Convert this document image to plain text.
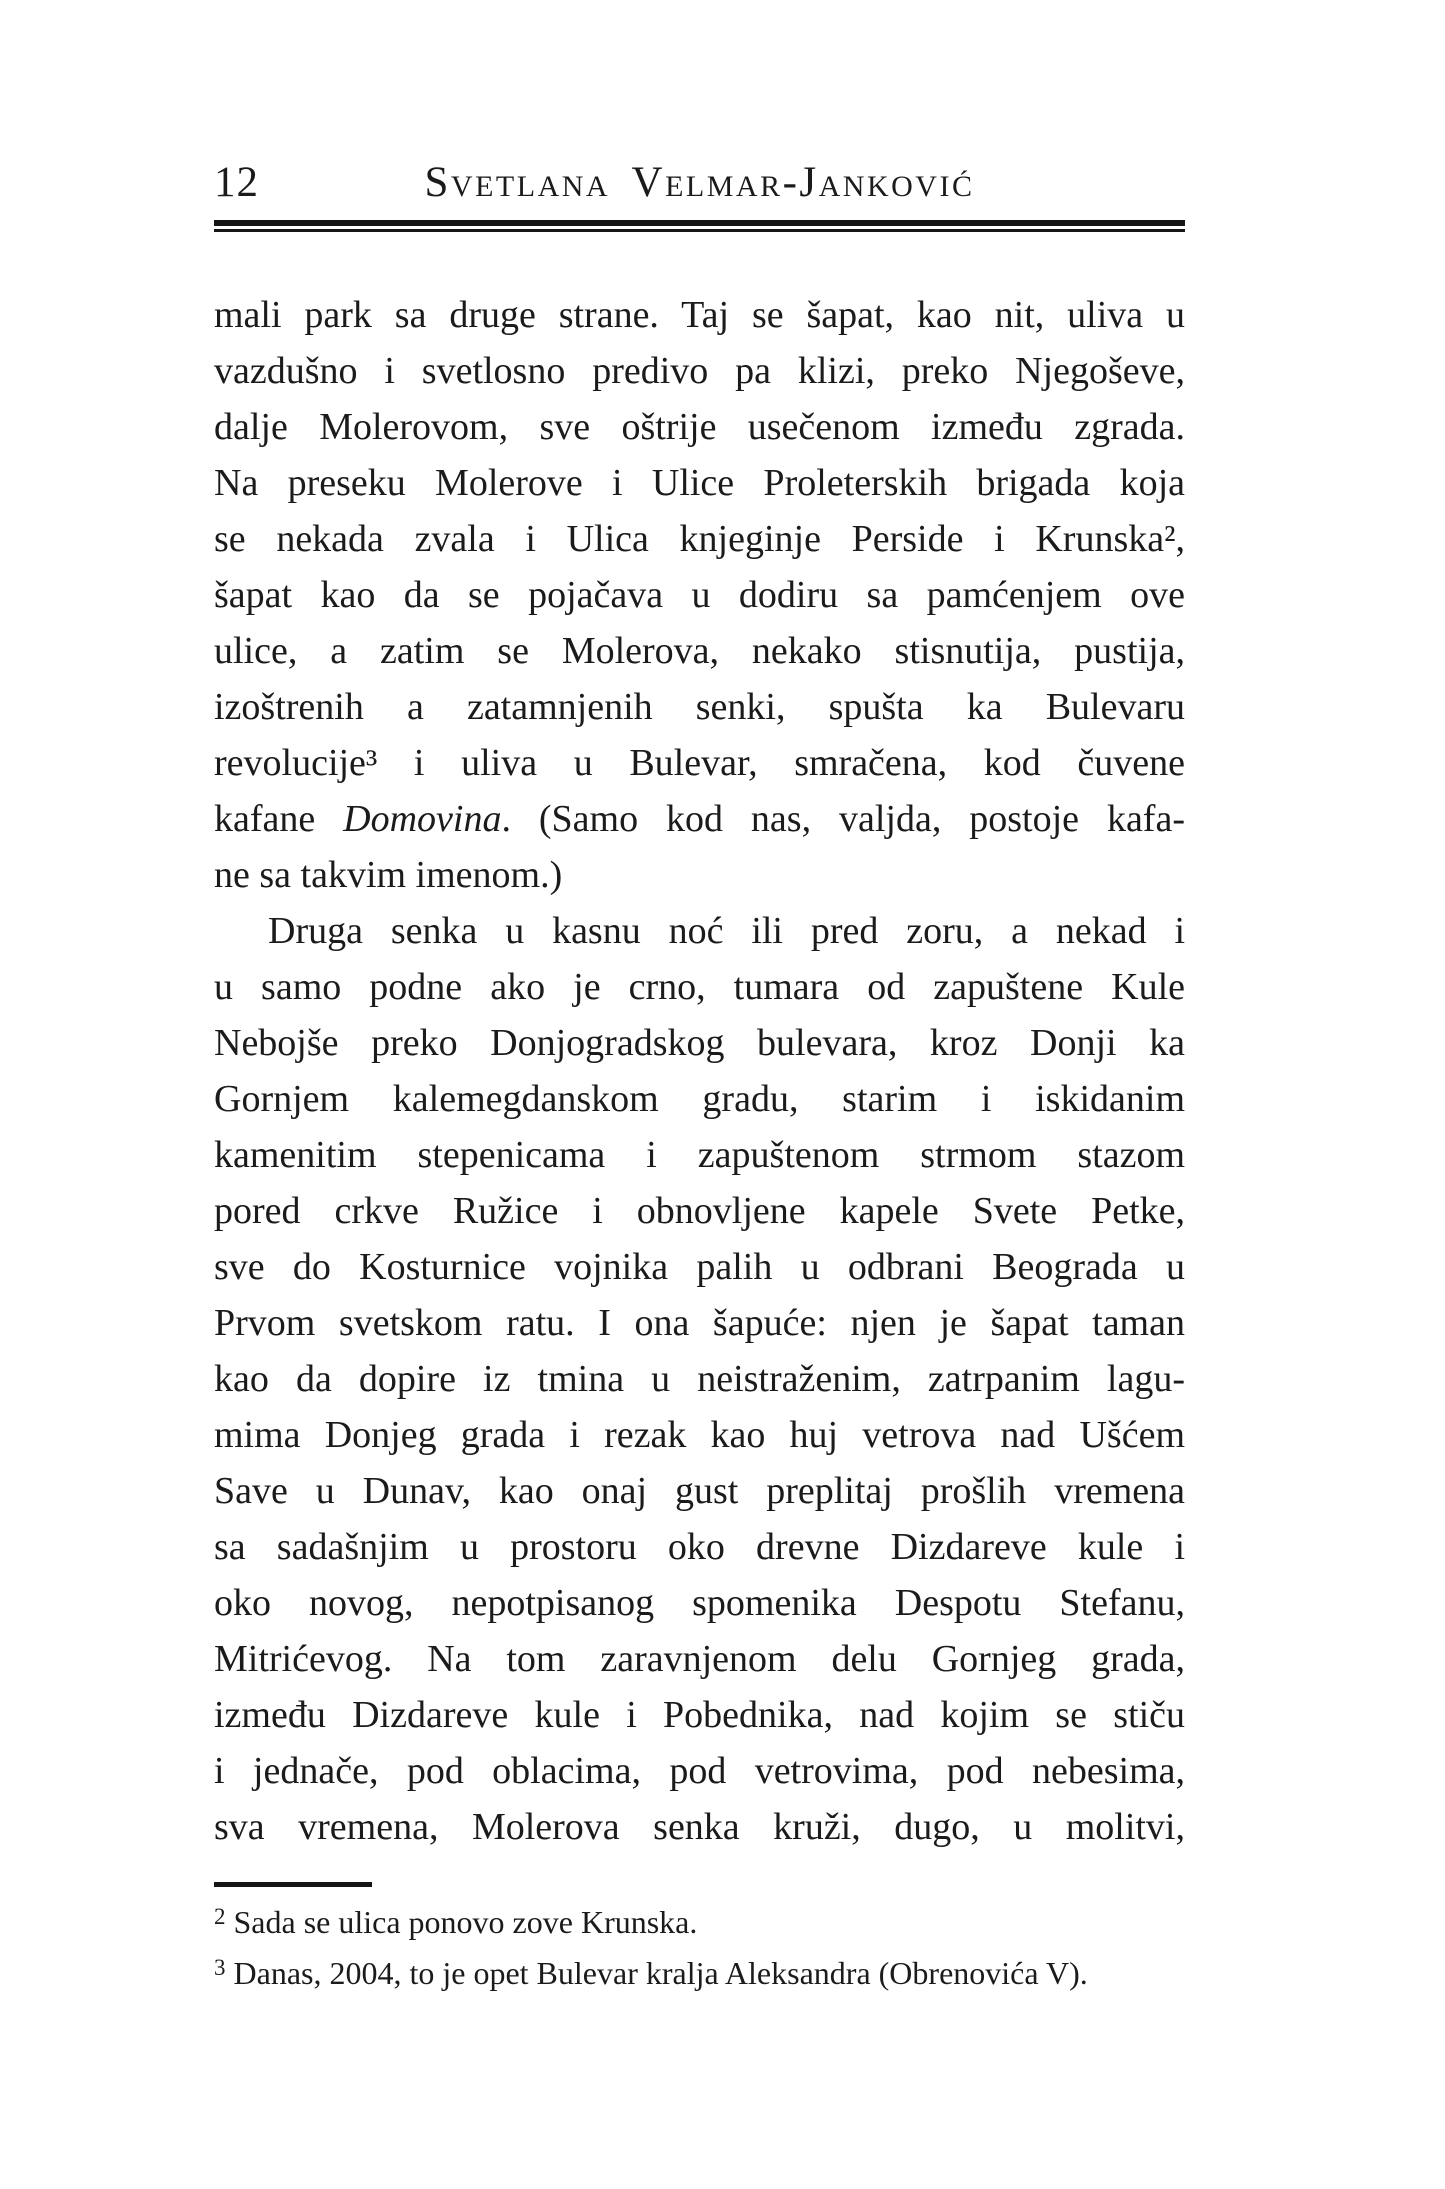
12	Svetlana Velmar-Janković
mali park sa druge strane. Taj se šapat, kao nit, uliva u
vazdušno i svetlosno predivo pa klizi, preko Njegoševe,
dalje Molerovom, sve oštrije usečenom između zgrada.
Na preseku Molerove i Ulice Proleterskih brigada koja
se nekada zvala i Ulica knjeginje Perside i Krunska²,
šapat kao da se pojačava u dodiru sa pamćenjem ove
ulice, a zatim se Molerova, nekako stisnutija, pustija,
izoštrenih a zatamnjenih senki, spušta ka Bulevaru
revolucije³ i uliva u Bulevar, smračena, kod čuvene
kafane Domovina. (Samo kod nas, valjda, postoje kafa-
ne sa takvim imenom.)
Druga senka u kasnu noć ili pred zoru, a nekad i
u samo podne ako je crno, tumara od zapuštene Kule
Nebojše preko Donjogradskog bulevara, kroz Donji ka
Gornjem kalemegdanskom gradu, starim i iskidanim
kamenitim stepenicama i zapuštenom strmom stazom
pored crkve Ružice i obnovljene kapele Svete Petke,
sve do Kosturnice vojnika palih u odbrani Beograda u
Prvom svetskom ratu. I ona šapuće: njen je šapat taman
kao da dopire iz tmina u neistraženim, zatrpanim lagu-
mima Donjeg grada i rezak kao huj vetrova nad Ušćem
Save u Dunav, kao onaj gust preplitaj prošlih vremena
sa sadašnjim u prostoru oko drevne Dizdareve kule i
oko novog, nepotpisanog spomenika Despotu Stefanu,
Mitrićevog. Na tom zaravnjenom delu Gornjeg grada,
između Dizdareve kule i Pobednika, nad kojim se stiču
i jednače, pod oblacima, pod vetrovima, pod nebesima,
sva vremena, Molerova senka kruži, dugo, u molitvi,
$^2$ Sada se ulica ponovo zove Krunska.
$^3$ Danas, 2004, to je opet Bulevar kralja Aleksandra (Obrenovića V).
